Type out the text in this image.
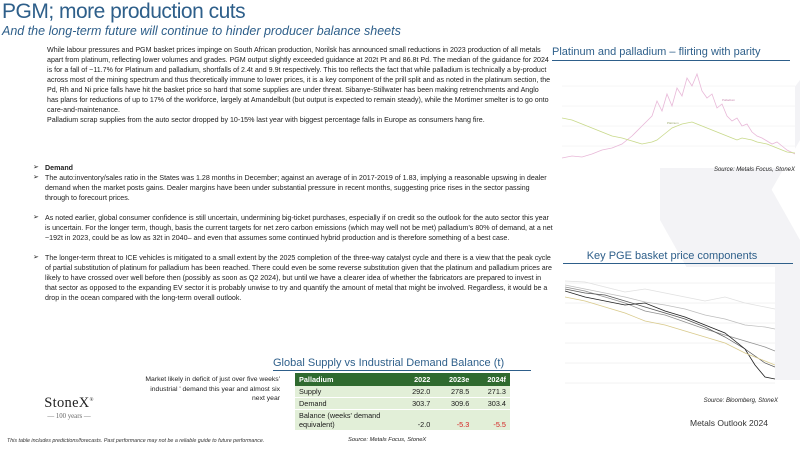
PGM; more production cuts
And the long-term future will continue to hinder producer balance sheets

While labour pressures and PGM basket prices impinge on South African production, Norilsk has announced small reductions in 2023 production of all metals apart from platinum, reflecting lower volumes and grades. PGM output slightly exceeded guidance at 202t Pt and 86.8t Pd. The median of the guidance for 2024 is for a fall of ~11.7% for Platinum and palladium, shortfalls of 2.4t and 9.9t respectively. This too reflects the fact that while palladium is technically a by-product across most of the mining spectrum and thus theoretically immune to lower prices, it is a key component of the prill split and as noted in the platinum section, the Pd, Rh and Ni price falls have hit the basket price so hard that some supplies are under threat. Sibanye-Stillwater has been making retrenchments and Anglo has plans for reductions of up to 17% of the workforce, largely at Amandelbult (but output is expected to remain steady), while the Mortimer smelter is to go onto care-and-maintenance.

Palladium scrap supplies from the auto sector dropped by 10-15% last year with biggest percentage falls in Europe as consumers hang fire.

➢ Demand
➢ The auto:inventory/sales ratio in the States was 1.28 months in December; against an average of in 2017-2019 of 1.83, implying a reasonable upswing in dealer demand when the market posts gains. Dealer margins have been under substantial pressure in recent months, suggesting price rises in the sector passing through to forecourt prices.
➢ As noted earlier, global consumer confidence is still uncertain, undermining big-ticket purchases, especially if on credit so the outlook for the auto sector this year is uncertain. For the longer term, though, basis the current targets for net zero carbon emissions (which may well not be met) palladium's 80% of demand, at a net ~192t in 2023, could be as low as 32t in 2040– and even that assumes some continued hybrid production and is therefore something of a best case.
➢ The longer-term threat to ICE vehicles is mitigated to a small extent by the 2025 completion of the three-way catalyst cycle and there is a view that the peak cycle of partial substitution of platinum for palladium has been reached. There could even be some reverse substitution given that the platinum and palladium prices are likely to have crossed over well before then (possibly as soon as Q2 2024), but until we have a clearer idea of whether the fabricators are prepared to invest in that sector as opposed to the expanding EV sector it is probably unwise to try and quantify the amount of metal that might be involved. Regardless, it would be a drop in the ocean compared with the long-term overall outlook.
Platinum and palladium – flirting with parity
Platinum
Palladium
Source: Metals Focus, StoneX
Key PGE basket price components
Source: Bloomberg, StoneX
Metals Outlook 2024
Global Supply vs Industrial Demand Balance (t)
Market likely in deficit of just over five weeks' industrial ' demand this year and almost six next year
Palladium	2022	2023e	2024f
Supply	292.0	278.5	271.3
Demand	303.7	309.6	303.4
Balance (weeks' demand equivalent)	-2.0	-5.3	-5.5
Source: Metals Focus, StoneX
StoneX®
— 100 years —
This table includes predictions/forecasts. Past performance may not be a reliable guide to future performance.
